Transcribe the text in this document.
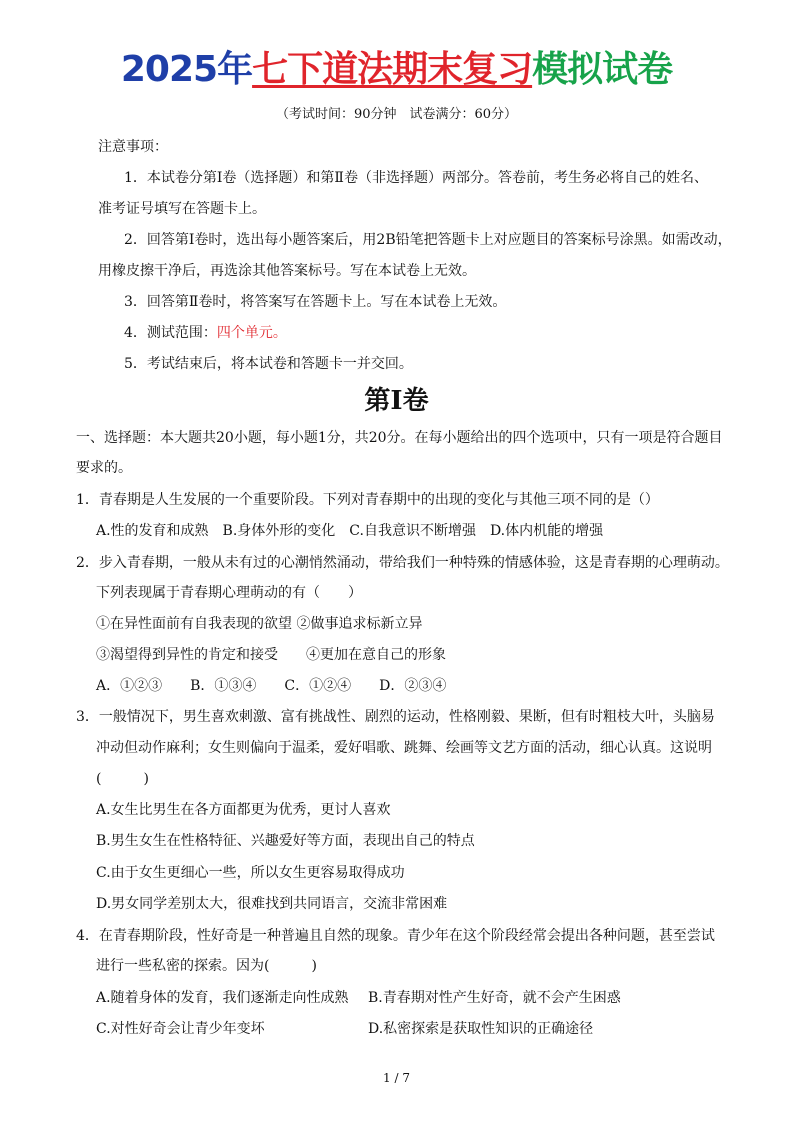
2025年七下道法期末复习模拟试卷
（考试时间：90分钟　试卷满分：60分）
注意事项：
1．本试卷分第Ⅰ卷（选择题）和第Ⅱ卷（非选择题）两部分。答卷前，考生务必将自己的姓名、
准考证号填写在答题卡上。
2．回答第Ⅰ卷时，选出每小题答案后，用2B铅笔把答题卡上对应题目的答案标号涂黑。如需改动，
用橡皮擦干净后，再选涂其他答案标号。写在本试卷上无效。
3．回答第Ⅱ卷时，将答案写在答题卡上。写在本试卷上无效。
4．测试范围：四个单元。
5．考试结束后，将本试卷和答题卡一并交回。
第Ⅰ卷
一、选择题：本大题共20小题，每小题1分，共20分。在每小题给出的四个选项中，只有一项是符合题目
要求的。
1．青春期是人生发展的一个重要阶段。下列对青春期中的出现的变化与其他三项不同的是（）
A.性的发育和成熟　B.身体外形的变化　C.自我意识不断增强　D.体内机能的增强
2．步入青春期，一般从未有过的心潮悄然涌动，带给我们一种特殊的情感体验，这是青春期的心理萌动。
下列表现属于青春期心理萌动的有（　　）
①在异性面前有自我表现的欲望 ②做事追求标新立异
③渴望得到异性的肯定和接受　　④更加在意自己的形象
A．①②③　　B．①③④　　C．①②④　　D．②③④
3．一般情况下，男生喜欢刺激、富有挑战性、剧烈的运动，性格刚毅、果断，但有时粗枝大叶，头脑易
冲动但动作麻利；女生则偏向于温柔，爱好唱歌、跳舞、绘画等文艺方面的活动，细心认真。这说明
(　　　)
A.女生比男生在各方面都更为优秀，更讨人喜欢
B.男生女生在性格特征、兴趣爱好等方面，表现出自己的特点
C.由于女生更细心一些，所以女生更容易取得成功
D.男女同学差别太大，很难找到共同语言，交流非常困难
4．在青春期阶段，性好奇是一种普遍且自然的现象。青少年在这个阶段经常会提出各种问题，甚至尝试
进行一些私密的探索。因为(　　　)
A.随着身体的发育，我们逐渐走向性成熟 B.青春期对性产生好奇，就不会产生困惑
C.对性好奇会让青少年变坏	D.私密探索是获取性知识的正确途径
1 / 7
